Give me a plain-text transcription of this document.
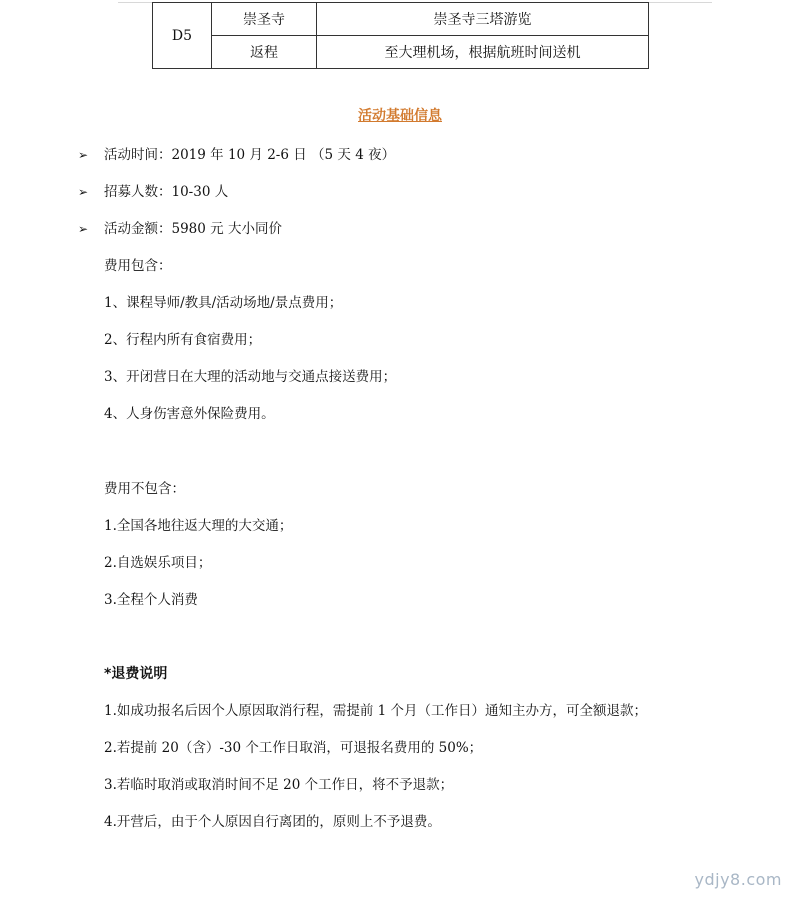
D5	崇圣寺	崇圣寺三塔游览
	返程	至大理机场，根据航班时间送机
活动基础信息
➢ 活动时间：2019 年 10 月 2-6 日 （5 天 4 夜）
➢ 招募人数：10-30 人
➢ 活动金额：5980 元 大小同价
费用包含：
1、课程导师/教具/活动场地/景点费用；
2、行程内所有食宿费用；
3、开闭营日在大理的活动地与交通点接送费用；
4、人身伤害意外保险费用。
费用不包含：
1.全国各地往返大理的大交通；
2.自选娱乐项目；
3.全程个人消费
*退费说明
1.如成功报名后因个人原因取消行程，需提前 1 个月（工作日）通知主办方，可全额退款；
2.若提前 20（含）-30 个工作日取消，可退报名费用的 50%；
3.若临时取消或取消时间不足 20 个工作日，将不予退款；
4.开营后，由于个人原因自行离团的，原则上不予退费。
ydjy8.com
